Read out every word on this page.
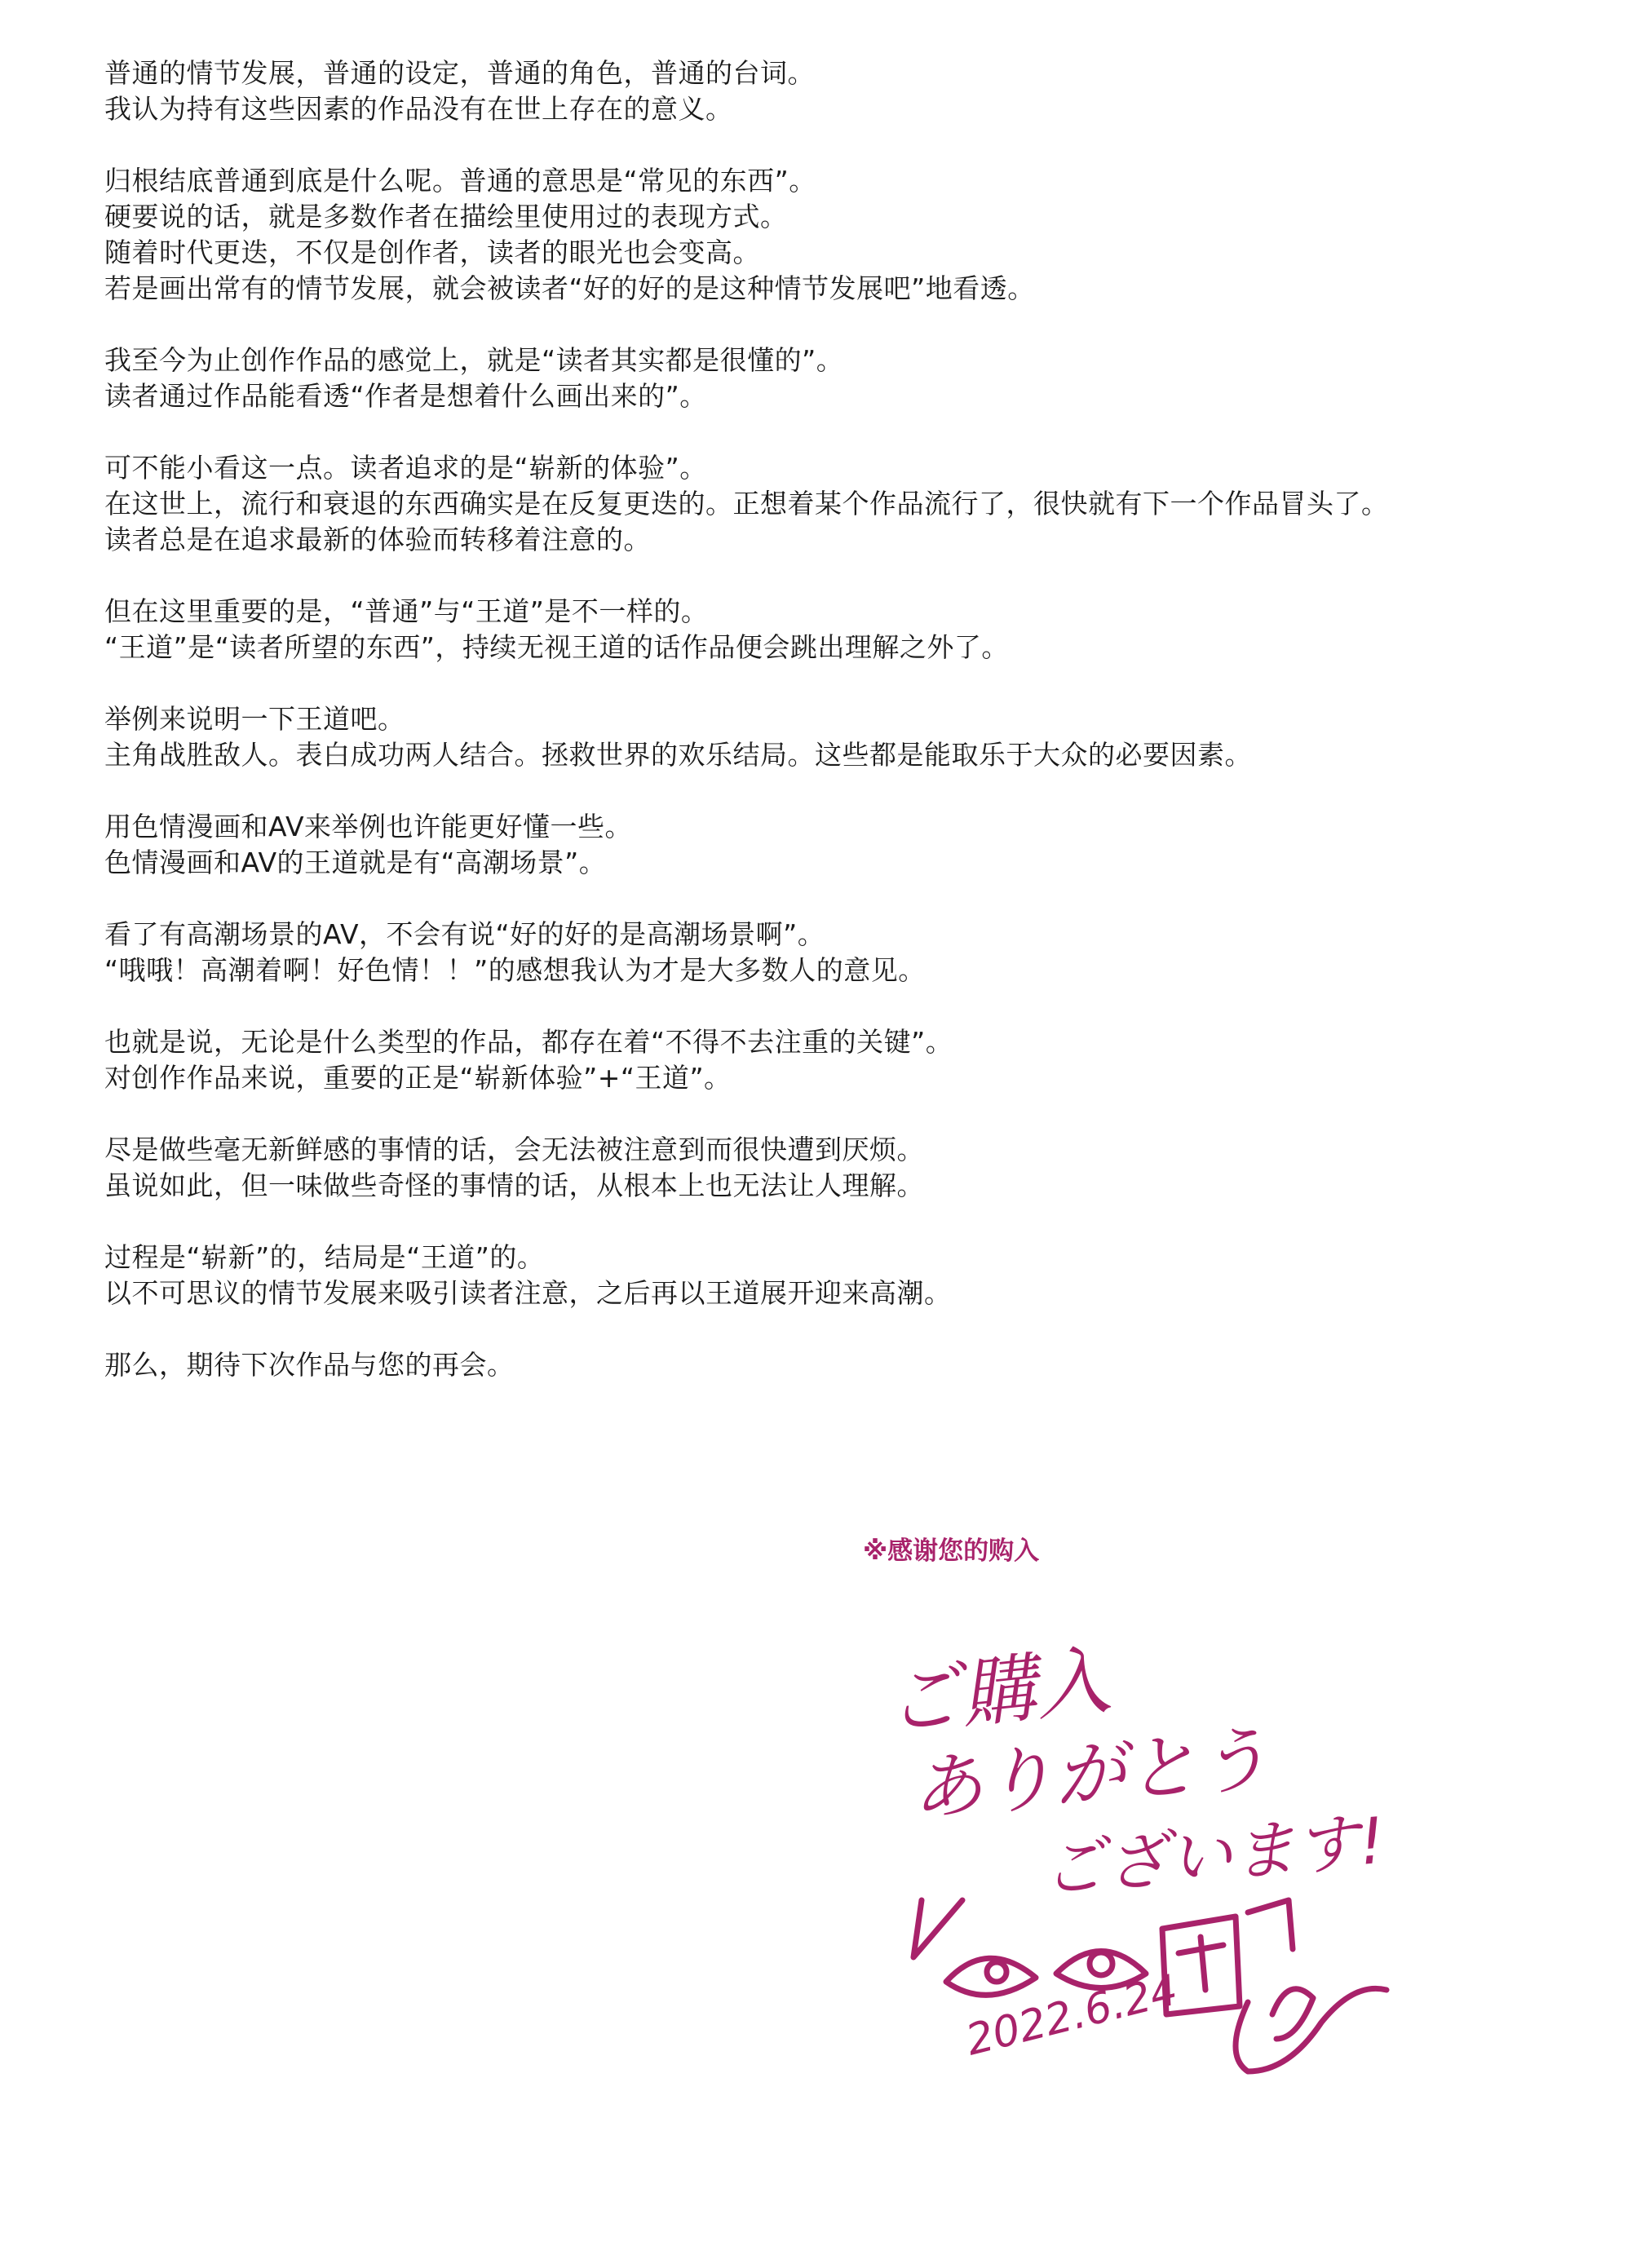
普通的情节发展，普通的设定，普通的角色，普通的台词。
我认为持有这些因素的作品没有在世上存在的意义。
归根结底普通到底是什么呢。普通的意思是“常见的东西”。
硬要说的话，就是多数作者在描绘里使用过的表现方式。
随着时代更迭，不仅是创作者，读者的眼光也会变高。
若是画出常有的情节发展，就会被读者“好的好的是这种情节发展吧”地看透。
我至今为止创作作品的感觉上，就是“读者其实都是很懂的”。
读者通过作品能看透“作者是想着什么画出来的”。
可不能小看这一点。读者追求的是“崭新的体验”。
在这世上，流行和衰退的东西确实是在反复更迭的。正想着某个作品流行了，很快就有下一个作品冒头了。
读者总是在追求最新的体验而转移着注意的。
但在这里重要的是，“普通”与“王道”是不一样的。
“王道”是“读者所望的东西”，持续无视王道的话作品便会跳出理解之外了。
举例来说明一下王道吧。
主角战胜敌人。表白成功两人结合。拯救世界的欢乐结局。这些都是能取乐于大众的必要因素。
用色情漫画和AV来举例也许能更好懂一些。
色情漫画和AV的王道就是有“高潮场景”。
看了有高潮场景的AV，不会有说“好的好的是高潮场景啊”。
“哦哦！高潮着啊！好色情！！”的感想我认为才是大多数人的意见。
也就是说，无论是什么类型的作品，都存在着“不得不去注重的关键”。
对创作作品来说，重要的正是“崭新体验”+“王道”。
尽是做些毫无新鲜感的事情的话，会无法被注意到而很快遭到厌烦。
虽说如此，但一味做些奇怪的事情的话，从根本上也无法让人理解。
过程是“崭新”的，结局是“王道”的。
以不可思议的情节发展来吸引读者注意，之后再以王道展开迎来高潮。
那么，期待下次作品与您的再会。
※感谢您的购入
ご購入
ありがとう
ございます!
2022.6.24
